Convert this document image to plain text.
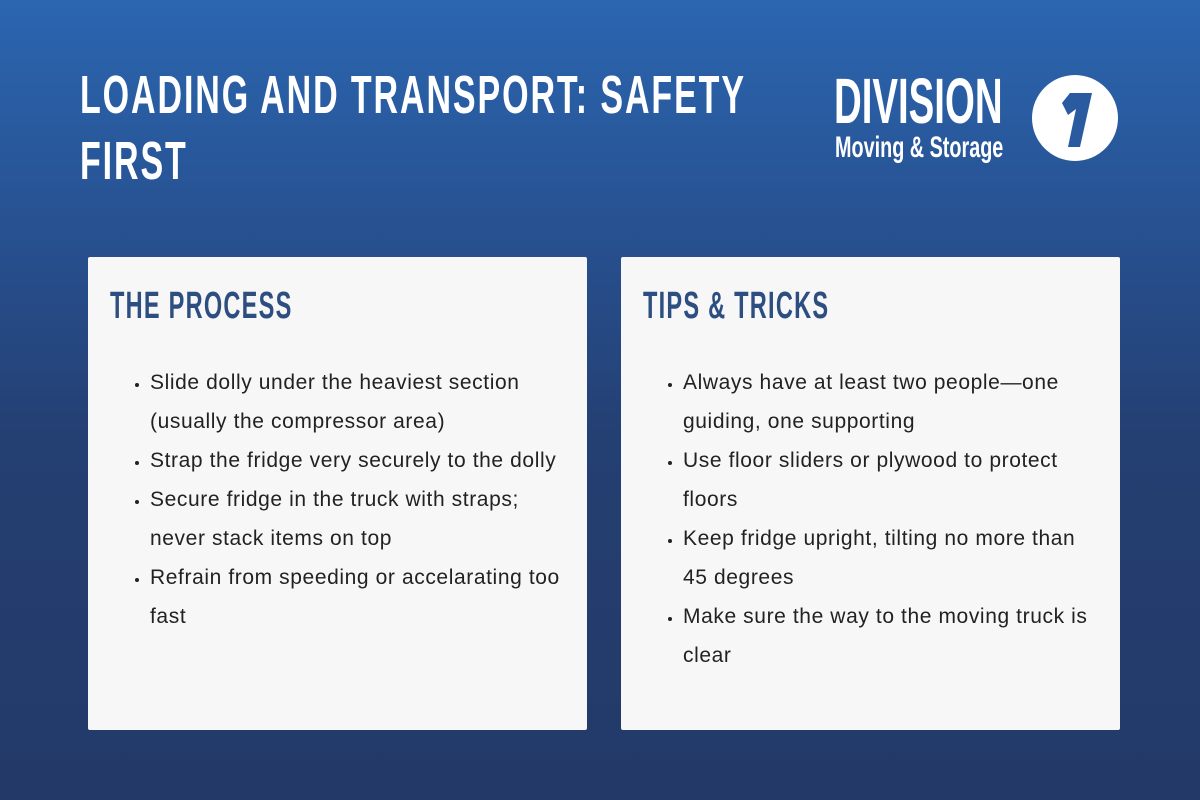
LOADING AND TRANSPORT: SAFETY FIRST
DIVISION
Moving & Storage
THE PROCESS
• Slide dolly under the heaviest section (usually the compressor area)
• Strap the fridge very securely to the dolly
• Secure fridge in the truck with straps; never stack items on top
• Refrain from speeding or accelarating too fast
TIPS & TRICKS
• Always have at least two people—one guiding, one supporting
• Use floor sliders or plywood to protect floors
• Keep fridge upright, tilting no more than 45 degrees
• Make sure the way to the moving truck is clear
